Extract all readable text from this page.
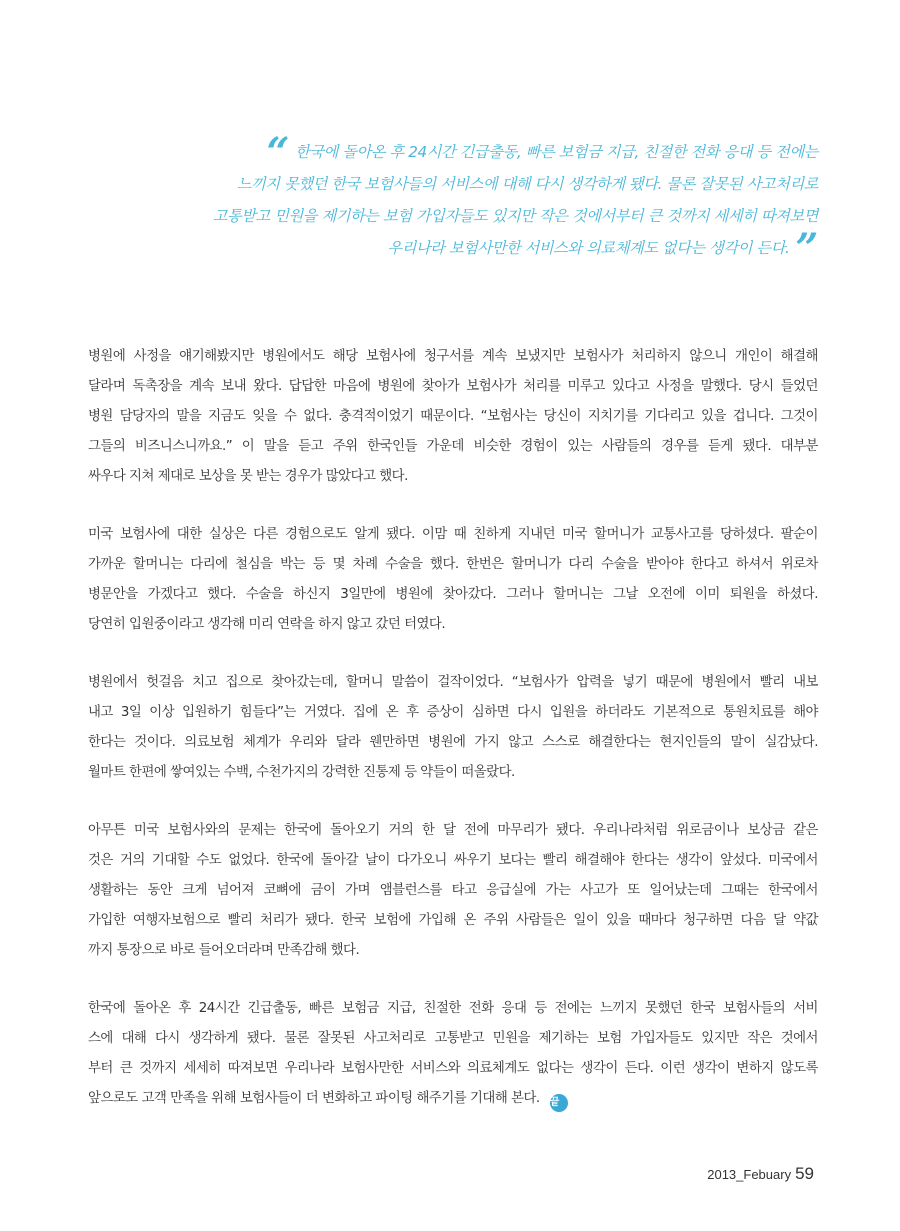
“ 한국에 돌아온 후 24시간 긴급출동, 빠른 보험금 지급, 친절한 전화 응대 등 전에는
느끼지 못했던 한국 보험사들의 서비스에 대해 다시 생각하게 됐다. 물론 잘못된 사고처리로
고통받고 민원을 제기하는 보험 가입자들도 있지만 작은 것에서부터 큰 것까지 세세히 따져보면
우리나라 보험사만한 서비스와 의료체계도 없다는 생각이 든다. ”

병원에 사정을 얘기해봤지만 병원에서도 해당 보험사에 청구서를 계속 보냈지만 보험사가 처리하지 않으니 개인이 해결해
달라며 독촉장을 계속 보내 왔다. 답답한 마음에 병원에 찾아가 보험사가 처리를 미루고 있다고 사정을 말했다. 당시 들었던
병원 담당자의 말을 지금도 잊을 수 없다. 충격적이었기 때문이다. “보험사는 당신이 지치기를 기다리고 있을 겁니다. 그것이
그들의 비즈니스니까요.” 이 말을 듣고 주위 한국인들 가운데 비슷한 경험이 있는 사람들의 경우를 듣게 됐다. 대부분
싸우다 지쳐 제대로 보상을 못 받는 경우가 많았다고 했다.

미국 보험사에 대한 실상은 다른 경험으로도 알게 됐다. 이맘 때 친하게 지내던 미국 할머니가 교통사고를 당하셨다. 팔순이
가까운 할머니는 다리에 철심을 박는 등 몇 차례 수술을 했다. 한번은 할머니가 다리 수술을 받아야 한다고 하셔서 위로차
병문안을 가겠다고 했다. 수술을 하신지 3일만에 병원에 찾아갔다. 그러나 할머니는 그날 오전에 이미 퇴원을 하셨다.
당연히 입원중이라고 생각해 미리 연락을 하지 않고 갔던 터였다.

병원에서 헛걸음 치고 집으로 찾아갔는데, 할머니 말씀이 걸작이었다. “보험사가 압력을 넣기 때문에 병원에서 빨리 내보
내고 3일 이상 입원하기 힘들다”는 거였다. 집에 온 후 증상이 심하면 다시 입원을 하더라도 기본적으로 통원치료를 해야
한다는 것이다. 의료보험 체계가 우리와 달라 웬만하면 병원에 가지 않고 스스로 해결한다는 현지인들의 말이 실감났다.
월마트 한편에 쌓여있는 수백, 수천가지의 강력한 진통제 등 약들이 떠올랐다.

아무튼 미국 보험사와의 문제는 한국에 돌아오기 거의 한 달 전에 마무리가 됐다. 우리나라처럼 위로금이나 보상금 같은
것은 거의 기대할 수도 없었다. 한국에 돌아갈 날이 다가오니 싸우기 보다는 빨리 해결해야 한다는 생각이 앞섰다. 미국에서
생활하는 동안 크게 넘어져 코뼈에 금이 가며 앰블런스를 타고 응급실에 가는 사고가 또 일어났는데 그때는 한국에서
가입한 여행자보험으로 빨리 처리가 됐다. 한국 보험에 가입해 온 주위 사람들은 일이 있을 때마다 청구하면 다음 달 약값
까지 통장으로 바로 들어오더라며 만족감해 했다.

한국에 돌아온 후 24시간 긴급출동, 빠른 보험금 지급, 친절한 전화 응대 등 전에는 느끼지 못했던 한국 보험사들의 서비
스에 대해 다시 생각하게 됐다. 물론 잘못된 사고처리로 고통받고 민원을 제기하는 보험 가입자들도 있지만 작은 것에서
부터 큰 것까지 세세히 따져보면 우리나라 보험사만한 서비스와 의료체계도 없다는 생각이 든다. 이런 생각이 변하지 않도록
앞으로도 고객 만족을 위해 보험사들이 더 변화하고 파이팅 해주기를 기대해 본다. 끝

2013_Febuary 59
